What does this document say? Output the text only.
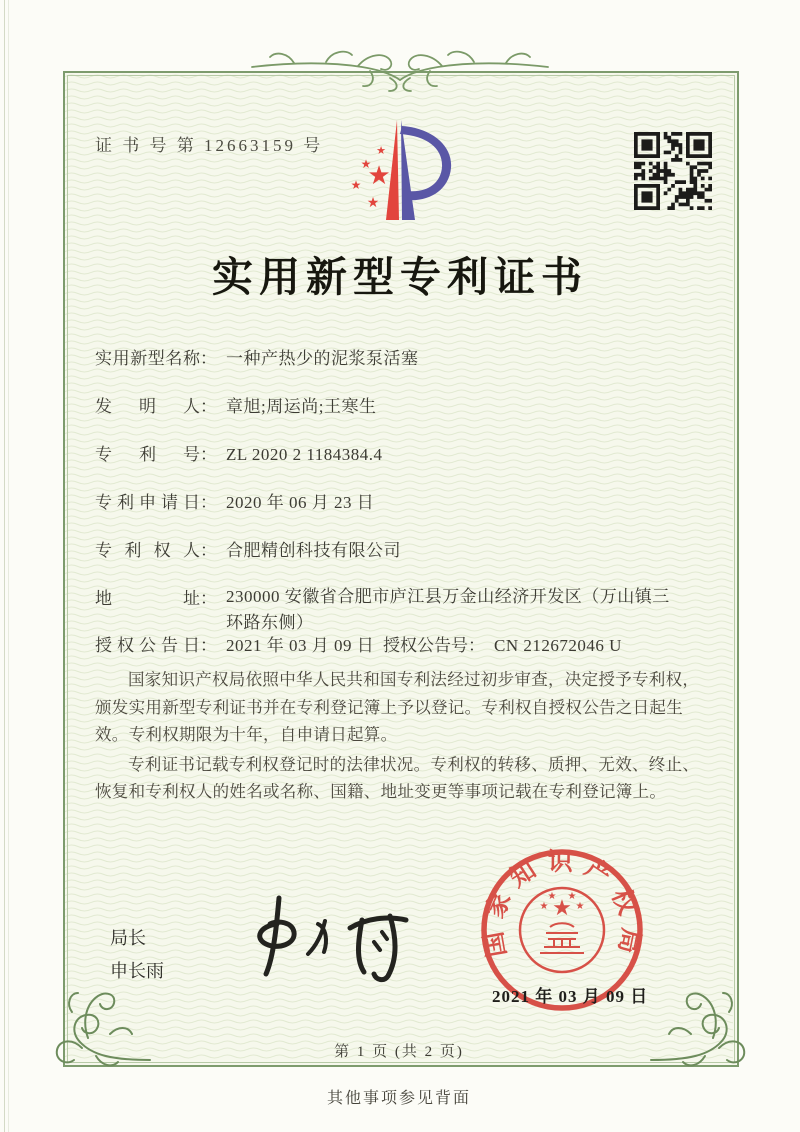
证 书 号 第 12663159 号	★
★
★ ★
★
实用新型专利证书
实用新型名称： 一种产热少的泥浆泵活塞
发　明　人： 章旭;周运尚;王寒生
专　利　号： ZL 2020 2 1184384.4
专利申请日： 2020 年 06 月 23 日
专 利 权 人： 合肥精创科技有限公司
地　　址： 230000 安徽省合肥市庐江县万金山经济开发区（万山镇三环路东侧）
授权公告日： 2021 年 03 月 09 日 授权公告号： CN 212672046 U

国家知识产权局依照中华人民共和国专利法经过初步审查，决定授予专利权，颁发实用新型专利证书并在专利登记簿上予以登记。专利权自授权公告之日起生效。专利权期限为十年，自申请日起算。

专利证书记载专利权登记时的法律状况。专利权的转移、质押、无效、终止、恢复和专利权人的姓名或名称、国籍、地址变更等事项记载在专利登记簿上。

局长
申长雨
国家知识产权局
★
★
★ ★
★
2021 年 03 月 09 日
第 1 页 (共 2 页)
其他事项参见背面
